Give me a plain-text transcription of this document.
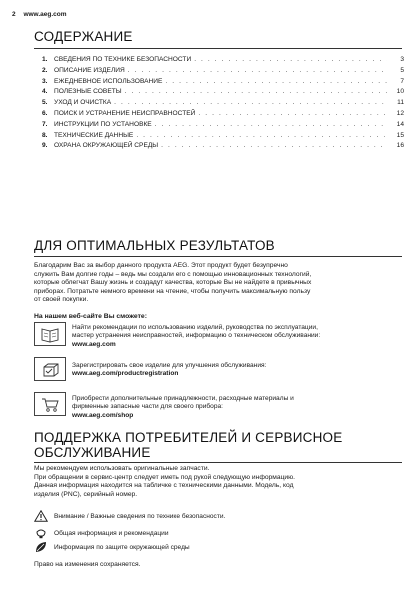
2 www.aeg.com
СОДЕРЖАНИЕ
1. СВЕДЕНИЯ ПО ТЕХНИКЕ БЕЗОПАСНОСТИ . . .	3
2. ОПИСАНИЕ ИЗДЕЛИЯ . . .	5
3. ЕЖЕДНЕВНОЕ ИСПОЛЬЗОВАНИЕ . . .	7
4. ПОЛЕЗНЫЕ СОВЕТЫ . . .	10
5. УХОД И ОЧИСТКА . . .	11
6. ПОИСК И УСТРАНЕНИЕ НЕИСПРАВНОСТЕЙ . . .	12
7. ИНСТРУКЦИИ ПО УСТАНОВКЕ . . .	14
8. ТЕХНИЧЕСКИЕ ДАННЫЕ . . .	15
9. ОХРАНА ОКРУЖАЮЩЕЙ СРЕДЫ . . .	16
ДЛЯ ОПТИМАЛЬНЫХ РЕЗУЛЬТАТОВ
Благодарим Вас за выбор данного продукта AEG. Этот продукт будет безупречно
служить Вам долгие годы – ведь мы создали его с помощью инновационных технологий,
которые облегчат Вашу жизнь и создадут качества, которые Вы не найдете в привычных
приборах. Потратьте немного времени на чтение, чтобы получить максимальную пользу
от своей покупки.
На нашем веб-сайте Вы сможете:
Найти рекомендации по использованию изделий, руководства по эксплуатации,
мастер устранения неисправностей, информацию о техническом обслуживании:
www.aeg.com
Зарегистрировать свое изделие для улучшения обслуживания:
www.aeg.com/productregistration
Приобрести дополнительные принадлежности, расходные материалы и
фирменные запасные части для своего прибора:
www.aeg.com/shop
ПОДДЕРЖКА ПОТРЕБИТЕЛЕЙ И СЕРВИСНОЕ
ОБСЛУЖИВАНИЕ
Мы рекомендуем использовать оригинальные запчасти.
При обращении в сервис-центр следует иметь под рукой следующую информацию.
Данная информация находится на табличке с техническими данными. Модель, код
изделия (PNC), серийный номер.
Внимание / Важные сведения по технике безопасности.
Общая информация и рекомендации
Информация по защите окружающей среды
Право на изменения сохраняется.
